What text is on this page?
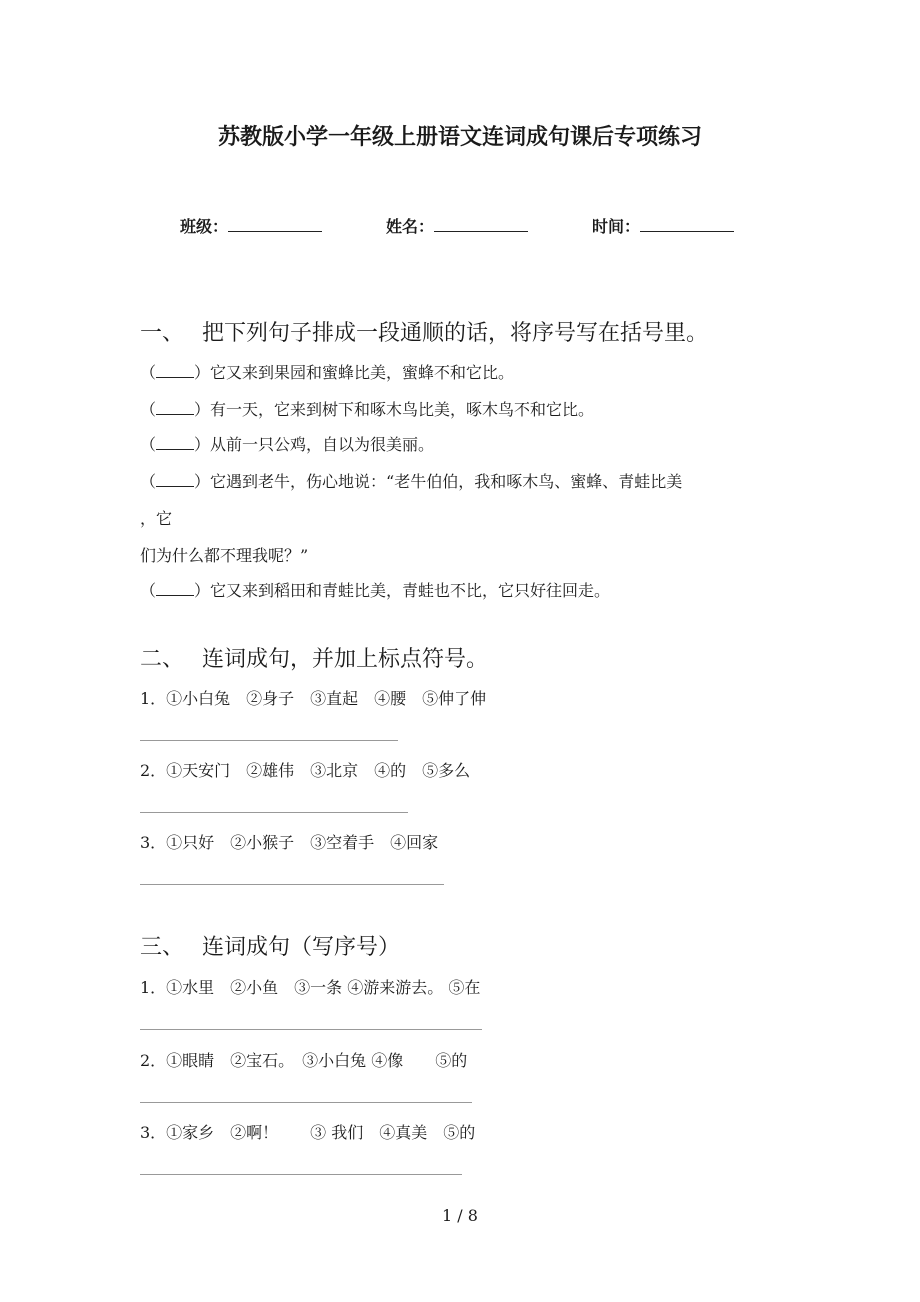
苏教版小学一年级上册语文连词成句课后专项练习
班级：	姓名：	时间：
一、 把下列句子排成一段通顺的话，将序号写在括号里。
（ ）它又来到果园和蜜蜂比美，蜜蜂不和它比。
（ ）有一天，它来到树下和啄木鸟比美，啄木鸟不和它比。
（ ）从前一只公鸡，自以为很美丽。
（ ）它遇到老牛，伤心地说：“老牛伯伯，我和啄木鸟、蜜蜂、青蛙比美
，它
们为什么都不理我呢？”
（ ）它又来到稻田和青蛙比美，青蛙也不比，它只好往回走。
二、 连词成句，并加上标点符号。
1．①小白兔　②身子　③直起　④腰　⑤伸了伸
2．①天安门　②雄伟　③北京　④的　⑤多么
3．①只好　②小猴子　③空着手　④回家
三、 连词成句（写序号）
1．①水里　②小鱼　③一条 ④游来游去。 ⑤在
2．①眼睛　②宝石。　③小白兔 ④像　　⑤的
3．①家乡　②啊！　　③ 我们　④真美　⑤的
1 / 8
